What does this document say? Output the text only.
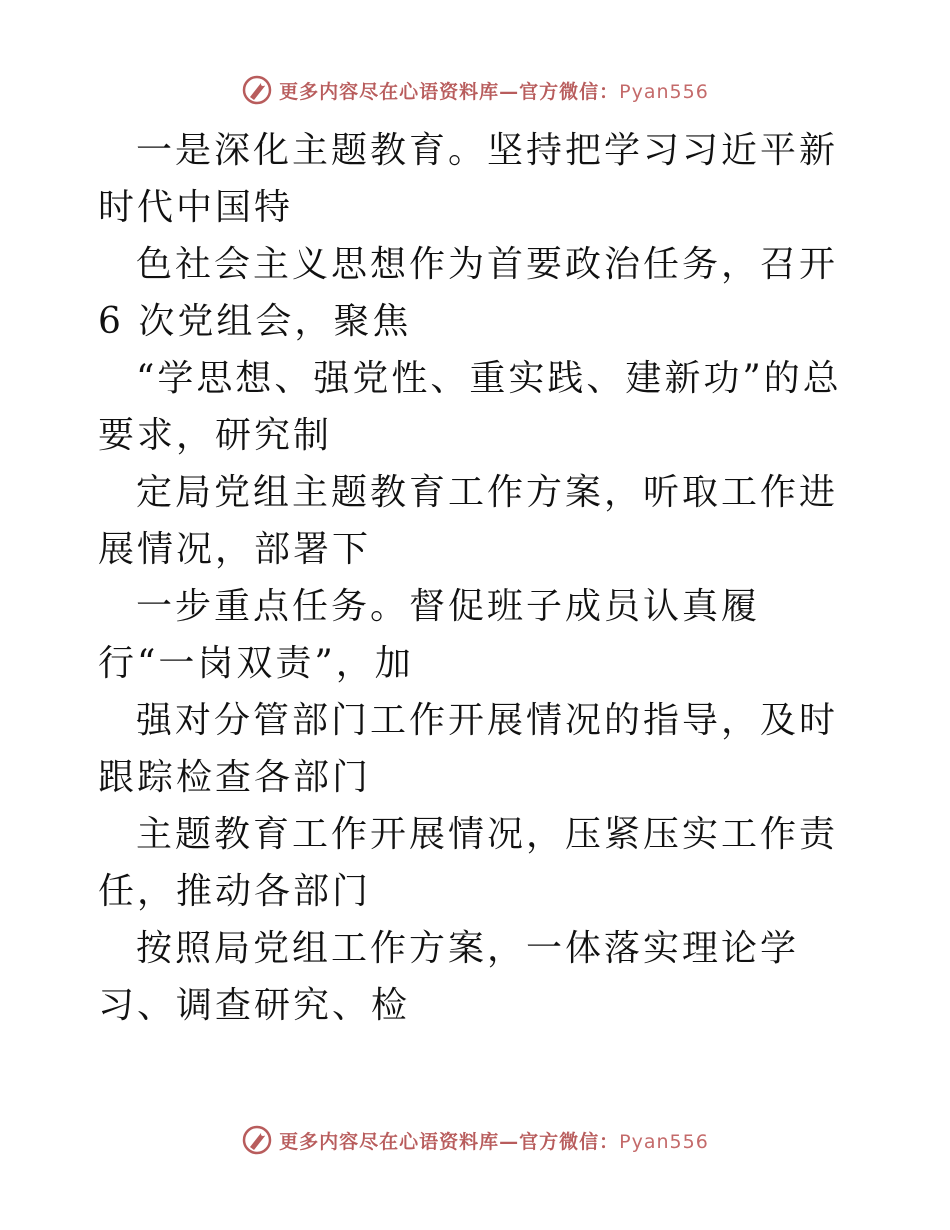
更多内容尽在心语资料库—官方微信：Pyan556

一是深化主题教育。坚持把学习习近平新时代中国特

色社会主义思想作为首要政治任务，召开 6 次党组会，聚焦

“学思想、强党性、重实践、建新功”的总要求，研究制

定局党组主题教育工作方案，听取工作进展情况，部署下

一步重点任务。督促班子成员认真履行“一岗双责”，加

强对分管部门工作开展情况的指导，及时跟踪检查各部门

主题教育工作开展情况，压紧压实工作责任，推动各部门

按照局党组工作方案，一体落实理论学习、调查研究、检

更多内容尽在心语资料库—官方微信：Pyan556
